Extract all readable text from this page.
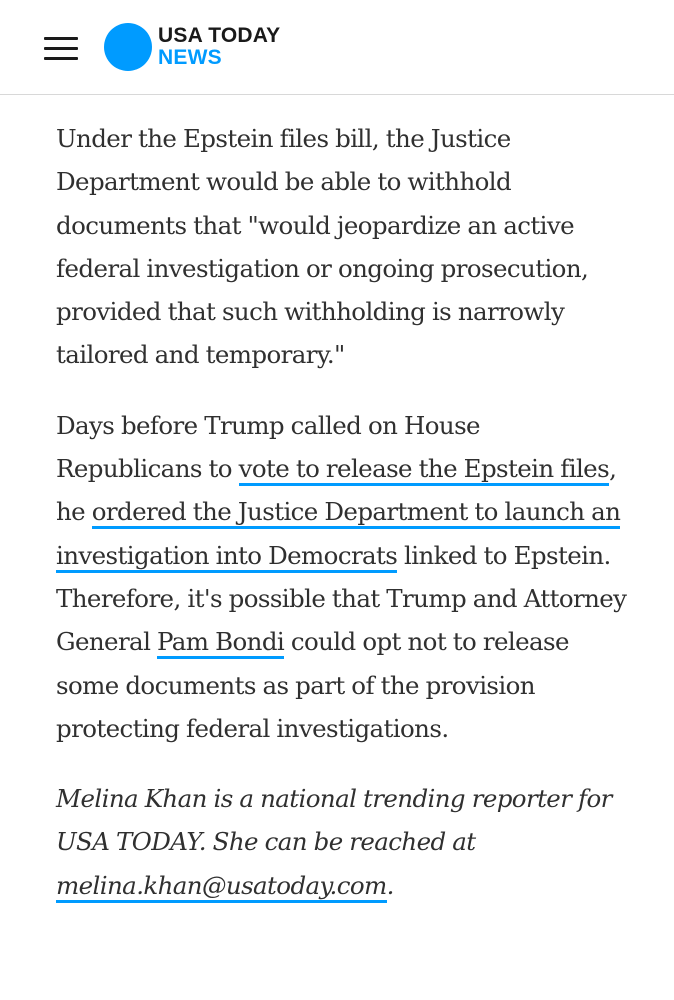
USA TODAY
NEWS

Under the Epstein files bill, the Justice Department would be able to withhold documents that "would jeopardize an active federal investigation or ongoing prosecution, provided that such withholding is narrowly tailored and temporary."

Days before Trump called on House Republicans to vote to release the Epstein files, he ordered the Justice Department to launch an investigation into Democrats linked to Epstein. Therefore, it's possible that Trump and Attorney General Pam Bondi could opt not to release some documents as part of the provision protecting federal investigations.

Melina Khan is a national trending reporter for USA TODAY. She can be reached at melina.khan@usatoday.com.
